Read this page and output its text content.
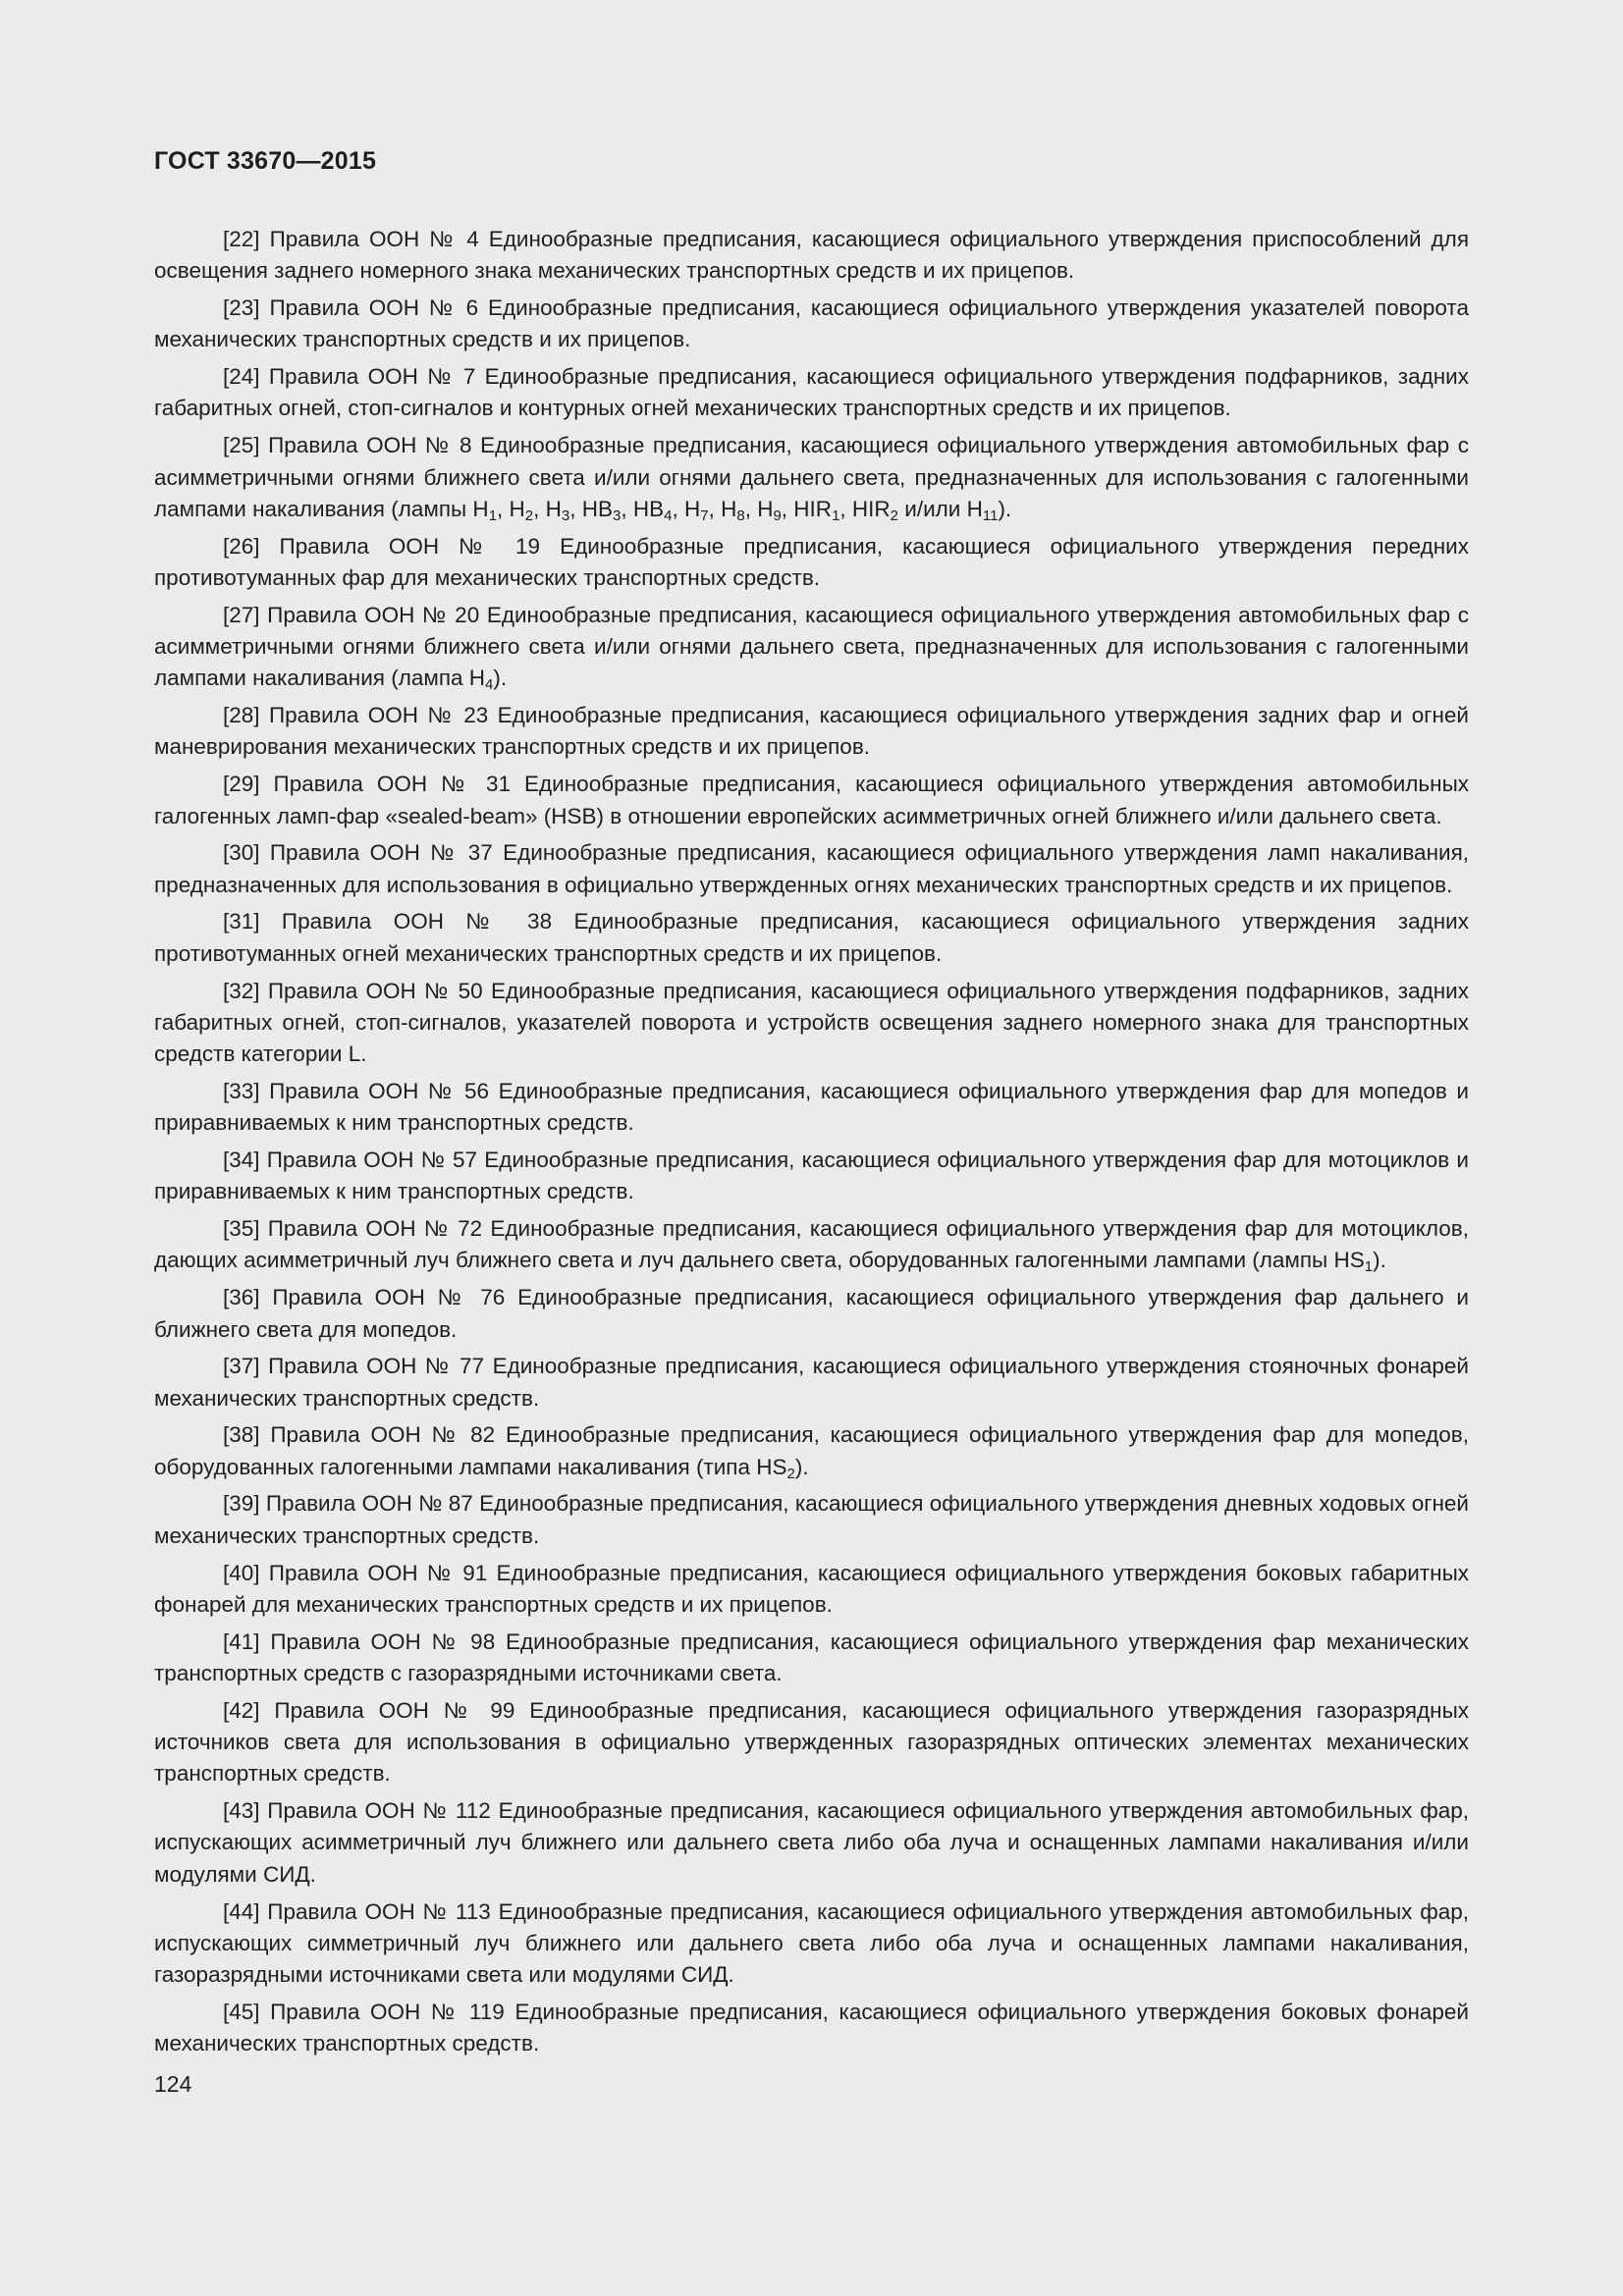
ГОСТ 33670—2015

[22] Правила ООН № 4 Единообразные предписания, касающиеся официального утверждения приспособлений для освещения заднего номерного знака механических транспортных средств и их прицепов.

[23] Правила ООН № 6 Единообразные предписания, касающиеся официального утверждения указателей поворота механических транспортных средств и их прицепов.

[24] Правила ООН № 7 Единообразные предписания, касающиеся официального утверждения подфарников, задних габаритных огней, стоп-сигналов и контурных огней механических транспортных средств и их прицепов.

[25] Правила ООН № 8 Единообразные предписания, касающиеся официального утверждения автомобильных фар с асимметричными огнями ближнего света и/или огнями дальнего света, предназначенных для использования с галогенными лампами накаливания (лампы $H_1$, $H_2$, $H_3$, $HB_3$, $HB_4$, $H_7$, $H_8$, $H_9$, $HIR_1$, $HIR_2$ и/или $H_{11}$).

[26] Правила ООН № 19 Единообразные предписания, касающиеся официального утверждения передних противотуманных фар для механических транспортных средств.

[27] Правила ООН № 20 Единообразные предписания, касающиеся официального утверждения автомобильных фар с асимметричными огнями ближнего света и/или огнями дальнего света, предназначенных для использования с галогенными лампами накаливания (лампа $H_4$).

[28] Правила ООН № 23 Единообразные предписания, касающиеся официального утверждения задних фар и огней маневрирования механических транспортных средств и их прицепов.

[29] Правила ООН № 31 Единообразные предписания, касающиеся официального утверждения автомобильных галогенных ламп-фар «sealed-beam» (HSB) в отношении европейских асимметричных огней ближнего и/или дальнего света.

[30] Правила ООН № 37 Единообразные предписания, касающиеся официального утверждения ламп накаливания, предназначенных для использования в официально утвержденных огнях механических транспортных средств и их прицепов.

[31] Правила ООН № 38 Единообразные предписания, касающиеся официального утверждения задних противотуманных огней механических транспортных средств и их прицепов.

[32] Правила ООН № 50 Единообразные предписания, касающиеся официального утверждения подфарников, задних габаритных огней, стоп-сигналов, указателей поворота и устройств освещения заднего номерного знака для транспортных средств категории L.

[33] Правила ООН № 56 Единообразные предписания, касающиеся официального утверждения фар для мопедов и приравниваемых к ним транспортных средств.

[34] Правила ООН № 57 Единообразные предписания, касающиеся официального утверждения фар для мотоциклов и приравниваемых к ним транспортных средств.

[35] Правила ООН № 72 Единообразные предписания, касающиеся официального утверждения фар для мотоциклов, дающих асимметричный луч ближнего света и луч дальнего света, оборудованных галогенными лампами (лампы $HS_1$).

[36] Правила ООН № 76 Единообразные предписания, касающиеся официального утверждения фар дальнего и ближнего света для мопедов.

[37] Правила ООН № 77 Единообразные предписания, касающиеся официального утверждения стояночных фонарей механических транспортных средств.

[38] Правила ООН № 82 Единообразные предписания, касающиеся официального утверждения фар для мопедов, оборудованных галогенными лампами накаливания (типа $HS_2$).

[39] Правила ООН № 87 Единообразные предписания, касающиеся официального утверждения дневных ходовых огней механических транспортных средств.

[40] Правила ООН № 91 Единообразные предписания, касающиеся официального утверждения боковых габаритных фонарей для механических транспортных средств и их прицепов.

[41] Правила ООН № 98 Единообразные предписания, касающиеся официального утверждения фар механических транспортных средств с газоразрядными источниками света.

[42] Правила ООН № 99 Единообразные предписания, касающиеся официального утверждения газоразрядных источников света для использования в официально утвержденных газоразрядных оптических элементах механических транспортных средств.

[43] Правила ООН № 112 Единообразные предписания, касающиеся официального утверждения автомобильных фар, испускающих асимметричный луч ближнего или дальнего света либо оба луча и оснащенных лампами накаливания и/или модулями СИД.

[44] Правила ООН № 113 Единообразные предписания, касающиеся официального утверждения автомобильных фар, испускающих симметричный луч ближнего или дальнего света либо оба луча и оснащенных лампами накаливания, газоразрядными источниками света или модулями СИД.

[45] Правила ООН № 119 Единообразные предписания, касающиеся официального утверждения боковых фонарей механических транспортных средств.

124
